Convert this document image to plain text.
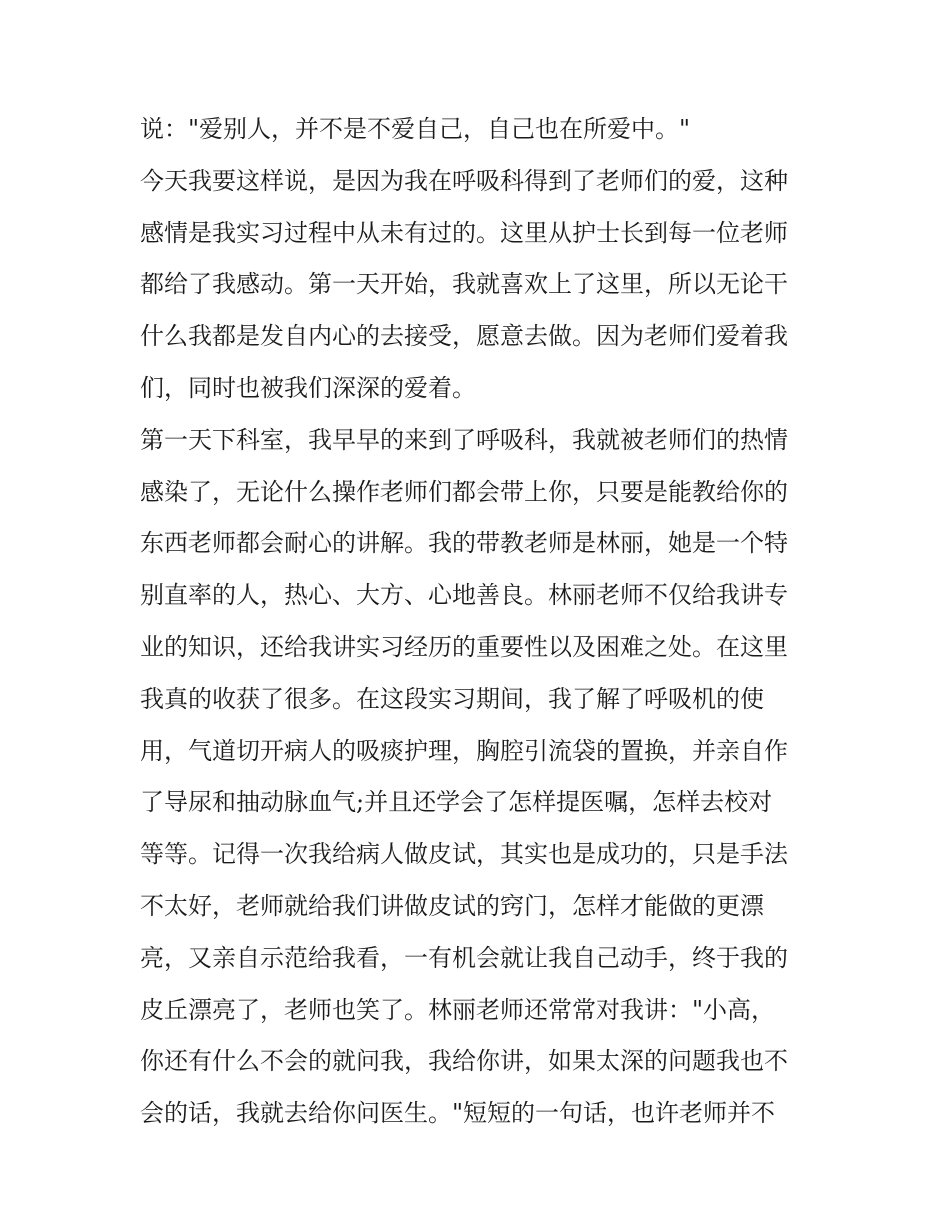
说："爱别人，并不是不爱自己，自己也在所爱中。"
今天我要这样说，是因为我在呼吸科得到了老师们的爱，这种
感情是我实习过程中从未有过的。这里从护士长到每一位老师
都给了我感动。第一天开始，我就喜欢上了这里，所以无论干
什么我都是发自内心的去接受，愿意去做。因为老师们爱着我
们，同时也被我们深深的爱着。
第一天下科室，我早早的来到了呼吸科，我就被老师们的热情
感染了，无论什么操作老师们都会带上你，只要是能教给你的
东西老师都会耐心的讲解。我的带教老师是林丽，她是一个特
别直率的人，热心、大方、心地善良。林丽老师不仅给我讲专
业的知识，还给我讲实习经历的重要性以及困难之处。在这里
我真的收获了很多。在这段实习期间，我了解了呼吸机的使
用，气道切开病人的吸痰护理，胸腔引流袋的置换，并亲自作
了导尿和抽动脉血气;并且还学会了怎样提医嘱，怎样去校对
等等。记得一次我给病人做皮试，其实也是成功的，只是手法
不太好，老师就给我们讲做皮试的窍门，怎样才能做的更漂
亮，又亲自示范给我看，一有机会就让我自己动手，终于我的
皮丘漂亮了，老师也笑了。林丽老师还常常对我讲："小高，
你还有什么不会的就问我，我给你讲，如果太深的问题我也不
会的话，我就去给你问医生。"短短的一句话，也许老师并不
